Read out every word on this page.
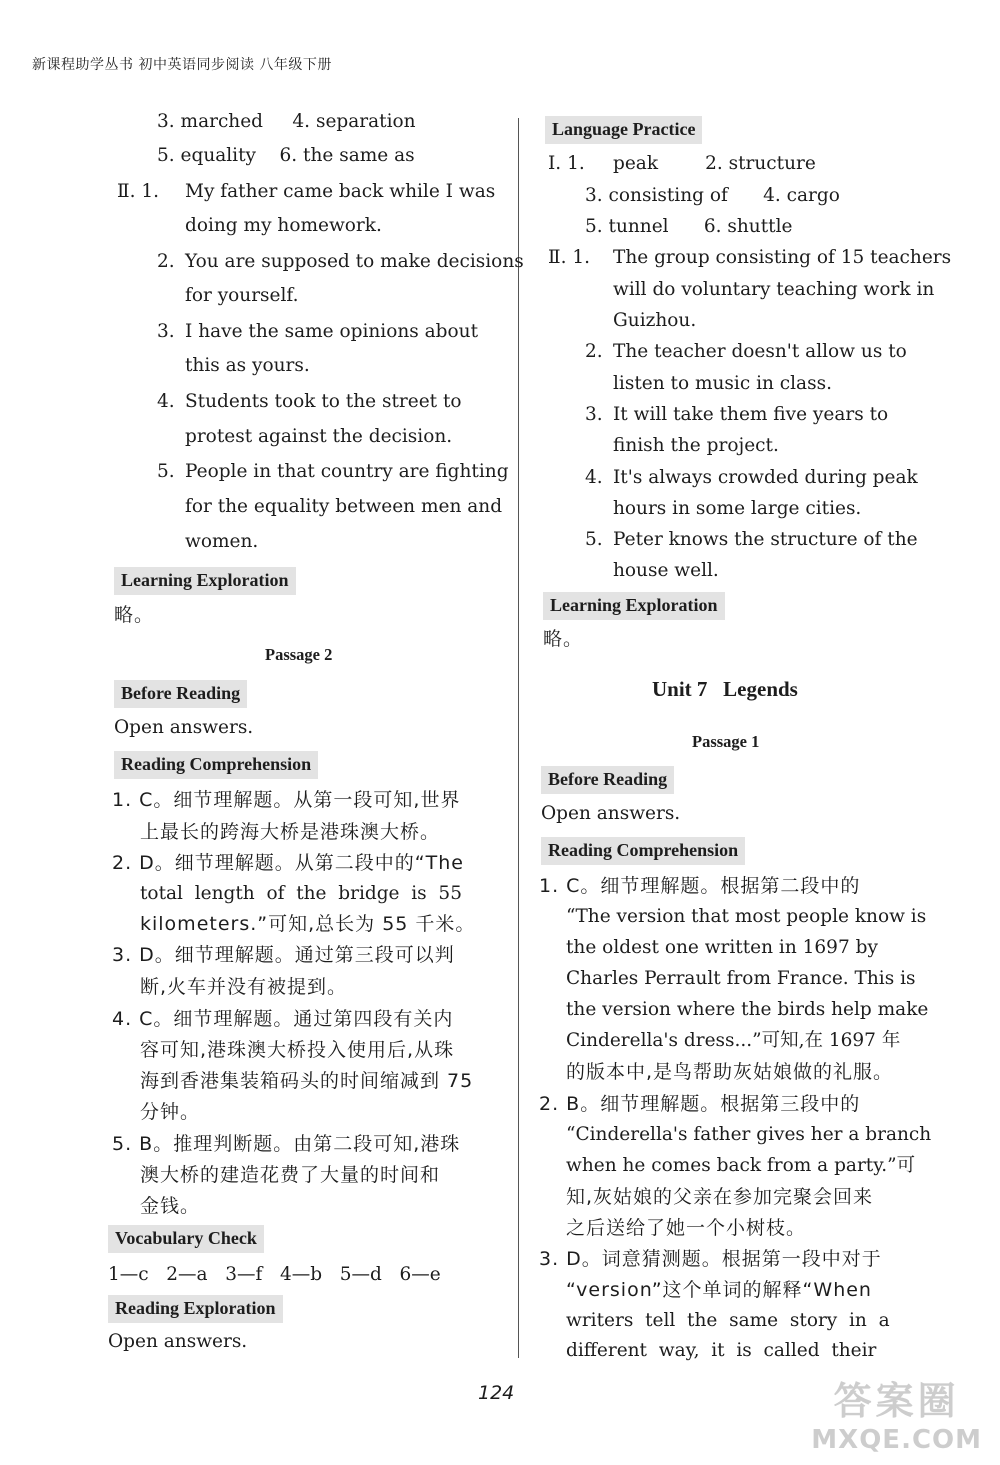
新课程助学丛书 初中英语同步阅读 八年级下册
3. marched     4. separation
5. equality    6. the same as
Ⅱ. 1. My father came back while I was
doing my homework.
2. You are supposed to make decisions
for yourself.
3. I have the same opinions about
this as yours.
4. Students took to the street to
protest against the decision.
5. People in that country are fighting
for the equality between men and
women.
Learning Exploration
略。
Passage 2
Before Reading
Open answers.
Reading Comprehension
1. C。细节理解题。从第一段可知,世界
上最长的跨海大桥是港珠澳大桥。
2. D。细节理解题。从第二段中的“The
total  length  of  the  bridge  is  55
kilometers.”可知,总长为 55 千米。
3. D。细节理解题。通过第三段可以判
断,火车并没有被提到。
4. C。细节理解题。通过第四段有关内
容可知,港珠澳大桥投入使用后,从珠
海到香港集装箱码头的时间缩减到 75
分钟。
5. B。推理判断题。由第二段可知,港珠
澳大桥的建造花费了大量的时间和
金钱。
Vocabulary Check
1—c   2—a   3—f   4—b   5—d   6—e
Reading Exploration
Open answers.
Language Practice
Ⅰ. 1. peak        2. structure
3. consisting of      4. cargo
5. tunnel      6. shuttle
Ⅱ. 1. The group consisting of 15 teachers
will do voluntary teaching work in
Guizhou.
2. The teacher doesn't allow us to
listen to music in class.
3. It will take them five years to
finish the project.
4. It's always crowded during peak
hours in some large cities.
5. Peter knows the structure of the
house well.
Learning Exploration
略。
Unit 7   Legends
Passage 1
Before Reading
Open answers.
Reading Comprehension
1. C。细节理解题。根据第二段中的
“The version that most people know is
the oldest one written in 1697 by
Charles Perrault from France. This is
the version where the birds help make
Cinderella's dress...”可知,在 1697 年
的版本中,是鸟帮助灰姑娘做的礼服。
2. B。细节理解题。根据第三段中的
“Cinderella's father gives her a branch
when he comes back from a party.”可
知,灰姑娘的父亲在参加完聚会回来
之后送给了她一个小树枝。
3. D。词意猜测题。根据第一段中对于
“version”这个单词的解释“When
writers  tell  the  same  story  in  a
different  way,  it  is  called  their
124	答案圈
MXQE.COM
